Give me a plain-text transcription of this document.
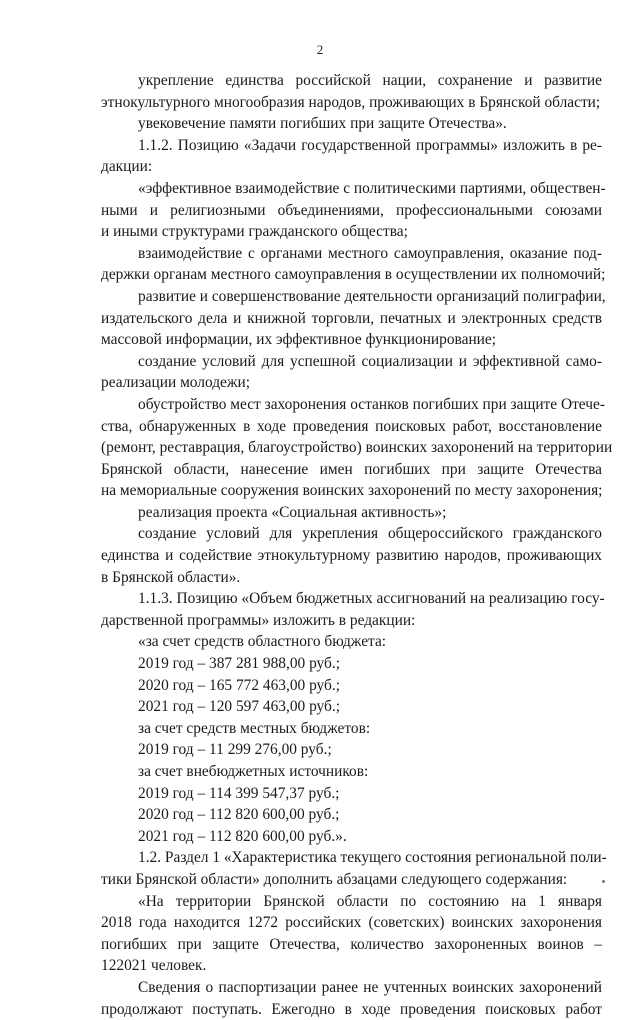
2
укрепление единства российской нации, сохранение и развитие
этнокультурного многообразия народов, проживающих в Брянской области;
увековечение памяти погибших при защите Отечества».
1.1.2. Позицию «Задачи государственной программы» изложить в ре-
дакции:
«эффективное взаимодействие с политическими партиями, обществен-
ными и религиозными объединениями, профессиональными союзами
и иными структурами гражданского общества;
взаимодействие с органами местного самоуправления, оказание под-
держки органам местного самоуправления в осуществлении их полномочий;
развитие и совершенствование деятельности организаций полиграфии,
издательского дела и книжной торговли, печатных и электронных средств
массовой информации, их эффективное функционирование;
создание условий для успешной социализации и эффективной само-
реализации молодежи;
обустройство мест захоронения останков погибших при защите Отече-
ства, обнаруженных в ходе проведения поисковых работ, восстановление
(ремонт, реставрация, благоустройство) воинских захоронений на территории
Брянской области, нанесение имен погибших при защите Отечества
на мемориальные сооружения воинских захоронений по месту захоронения;
реализация проекта «Социальная активность»;
создание условий для укрепления общероссийского гражданского
единства и содействие этнокультурному развитию народов, проживающих
в Брянской области».
1.1.3. Позицию «Объем бюджетных ассигнований на реализацию госу-
дарственной программы» изложить в редакции:
«за счет средств областного бюджета:
2019 год – 387 281 988,00 руб.;
2020 год – 165 772 463,00 руб.;
2021 год – 120 597 463,00 руб.;
за счет средств местных бюджетов:
2019 год – 11 299 276,00 руб.;
за счет внебюджетных источников:
2019 год – 114 399 547,37 руб.;
2020 год – 112 820 600,00 руб.;
2021 год – 112 820 600,00 руб.».
1.2. Раздел 1 «Характеристика текущего состояния региональной поли-
тики Брянской области» дополнить абзацами следующего содержания:
«На территории Брянской области по состоянию на 1 января
2018 года находится 1272 российских (советских) воинских захоронения
погибших при защите Отечества, количество захороненных воинов –
122021 человек.
Сведения о паспортизации ранее не учтенных воинских захоронений
продолжают поступать. Ежегодно в ходе проведения поисковых работ
